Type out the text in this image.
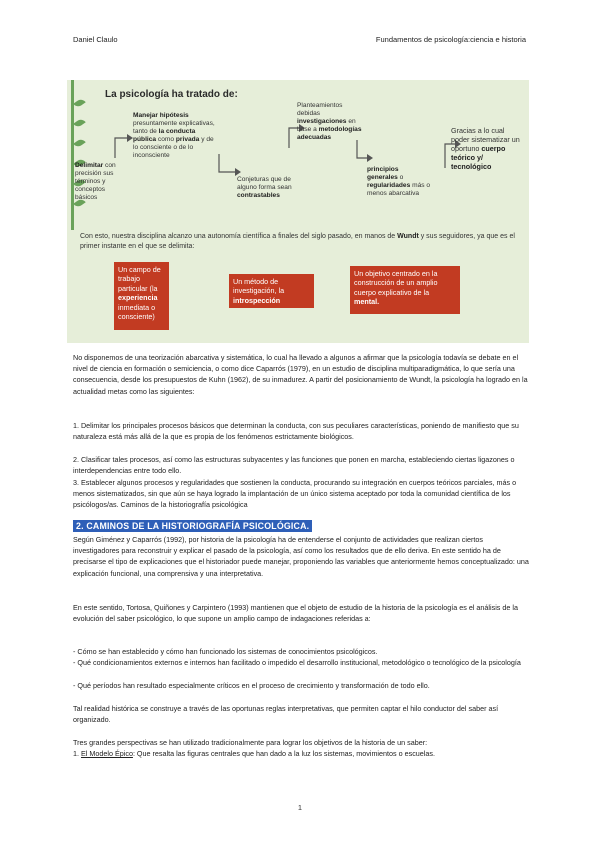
Daniel Claulo	Fundamentos de psicología:ciencia e historia
La psicología ha tratado de:
Delimitar con precisión sus términos y conceptos básicos
Manejar hipótesis presuntamente explicativas, tanto de la conducta pública como privada y de lo consciente o de lo inconsciente
Conjeturas que de alguno forma sean contrastables
Planteamientos debidas investigaciones en base a metodologías adecuadas
principios generales o regularidades más o menos abarcativa
Gracias a lo cual poder sistematizar un oportuno cuerpo teórico y/ tecnológico
Con esto, nuestra disciplina alcanzo una autonomía científica a finales del siglo pasado, en manos de Wundt y sus seguidores, ya que es el primer instante en el que se delimita:
Un campo de trabajo particular (la experiencia inmediata o consciente)
Un método de investigación, la introspección
Un objetivo centrado en la construcción de un amplio cuerpo explicativo de la mental.
No disponemos de una teorización abarcativa y sistemática, lo cual ha llevado a algunos a afirmar que la psicología todavía se debate en el nivel de ciencia en formación o semiciencia, o como dice Caparrós (1979), en un estudio de disciplina multiparadigmática, lo que sería una consecuencia, desde los presupuestos de Kuhn (1962), de su inmadurez. A partir del posicionamiento de Wundt, la psicología ha logrado en la actualidad metas como las siguientes:
1. Delimitar los principales procesos básicos que determinan la conducta, con sus peculiares características, poniendo de manifiesto que su naturaleza está más allá de la que es propia de los fenómenos estrictamente biológicos.
2. Clasificar tales procesos, así como las estructuras subyacentes y las funciones que ponen en marcha, estableciendo ciertas ligazones o interdependencias entre todo ello.
3. Establecer algunos procesos y regularidades que sostienen la conducta, procurando su integración en cuerpos teóricos parciales, más o menos sistematizados, sin que aún se haya logrado la implantación de un único sistema aceptado por toda la comunidad científica de los psicólogos/as. Caminos de la historiografía psicológica
2. CAMINOS DE LA HISTORIOGRAFÍA PSICOLÓGICA.
Según Giménez y Caparrós (1992), por historia de la psicología ha de entenderse el conjunto de actividades que realizan ciertos investigadores para reconstruir y explicar el pasado de la psicología, así como los resultados que de ello deriva. En este sentido ha de precisarse el tipo de explicaciones que el historiador puede manejar, proponiendo las variables que anteriormente hemos conceptualizado: una explicación funcional, una comprensiva y una interpretativa.
En este sentido, Tortosa, Quiñones y Carpintero (1993) mantienen que el objeto de estudio de la historia de la psicología es el análisis de la evolución del saber psicológico, lo que supone un amplio campo de indagaciones referidas a:
- Cómo se han establecido y cómo han funcionado los sistemas de conocimientos psicológicos.
- Qué condicionamientos externos e internos han facilitado o impedido el desarrollo institucional, metodológico o tecnológico de la psicología
- Qué períodos han resultado especialmente críticos en el proceso de crecimiento y transformación de todo ello.
Tal realidad histórica se construye a través de las oportunas reglas interpretativas, que permiten captar el hilo conductor del saber así organizado.
Tres grandes perspectivas se han utilizado tradicionalmente para lograr los objetivos de la historia de un saber:
1. El Modelo Épico: Que resalta las figuras centrales que han dado a la luz los sistemas, movimientos o escuelas.
1
